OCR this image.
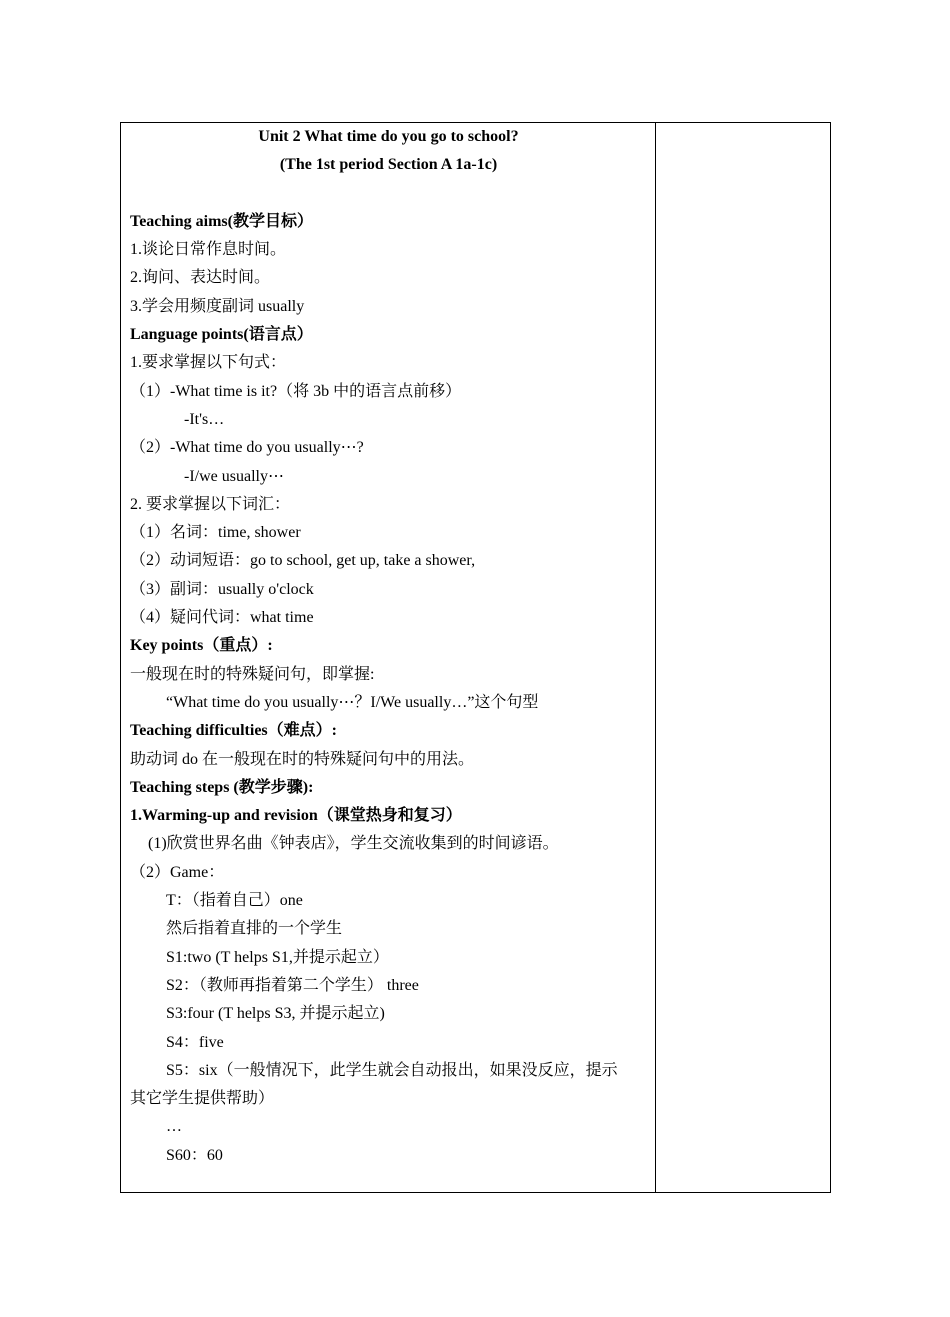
Unit 2 What time do you go to school?
(The 1st period Section A 1a-1c)
Teaching aims(教学目标）
1.谈论日常作息时间。
2.询问、表达时间。
3.学会用频度副词 usually
Language points(语言点）
1.要求掌握以下句式：
（1）-What time is it?（将 3b 中的语言点前移）
-It's…
（2）-What time do you usually⋯?
-I/we usually⋯
2. 要求掌握以下词汇：
（1）名词：time, shower
（2）动词短语：go to school, get up, take a shower,
（3）副词：usually o'clock
（4）疑问代词：what time
Key points（重点）:
一般现在时的特殊疑问句，即掌握:
“What time do you usually⋯？I/We usually…”这个句型
Teaching difficulties（难点）:
助动词 do 在一般现在时的特殊疑问句中的用法。
Teaching steps (教学步骤):
1.Warming-up and revision（课堂热身和复习）
(1)欣赏世界名曲《钟表店》，学生交流收集到的时间谚语。
（2）Game：
T：（指着自己）one
然后指着直排的一个学生
S1:two (T helps S1,并提示起立）
S2：（教师再指着第二个学生） three
S3:four (T helps S3, 并提示起立)
S4：five
S5：six（一般情况下，此学生就会自动报出，如果没反应，提示
其它学生提供帮助）
…
S60：60
